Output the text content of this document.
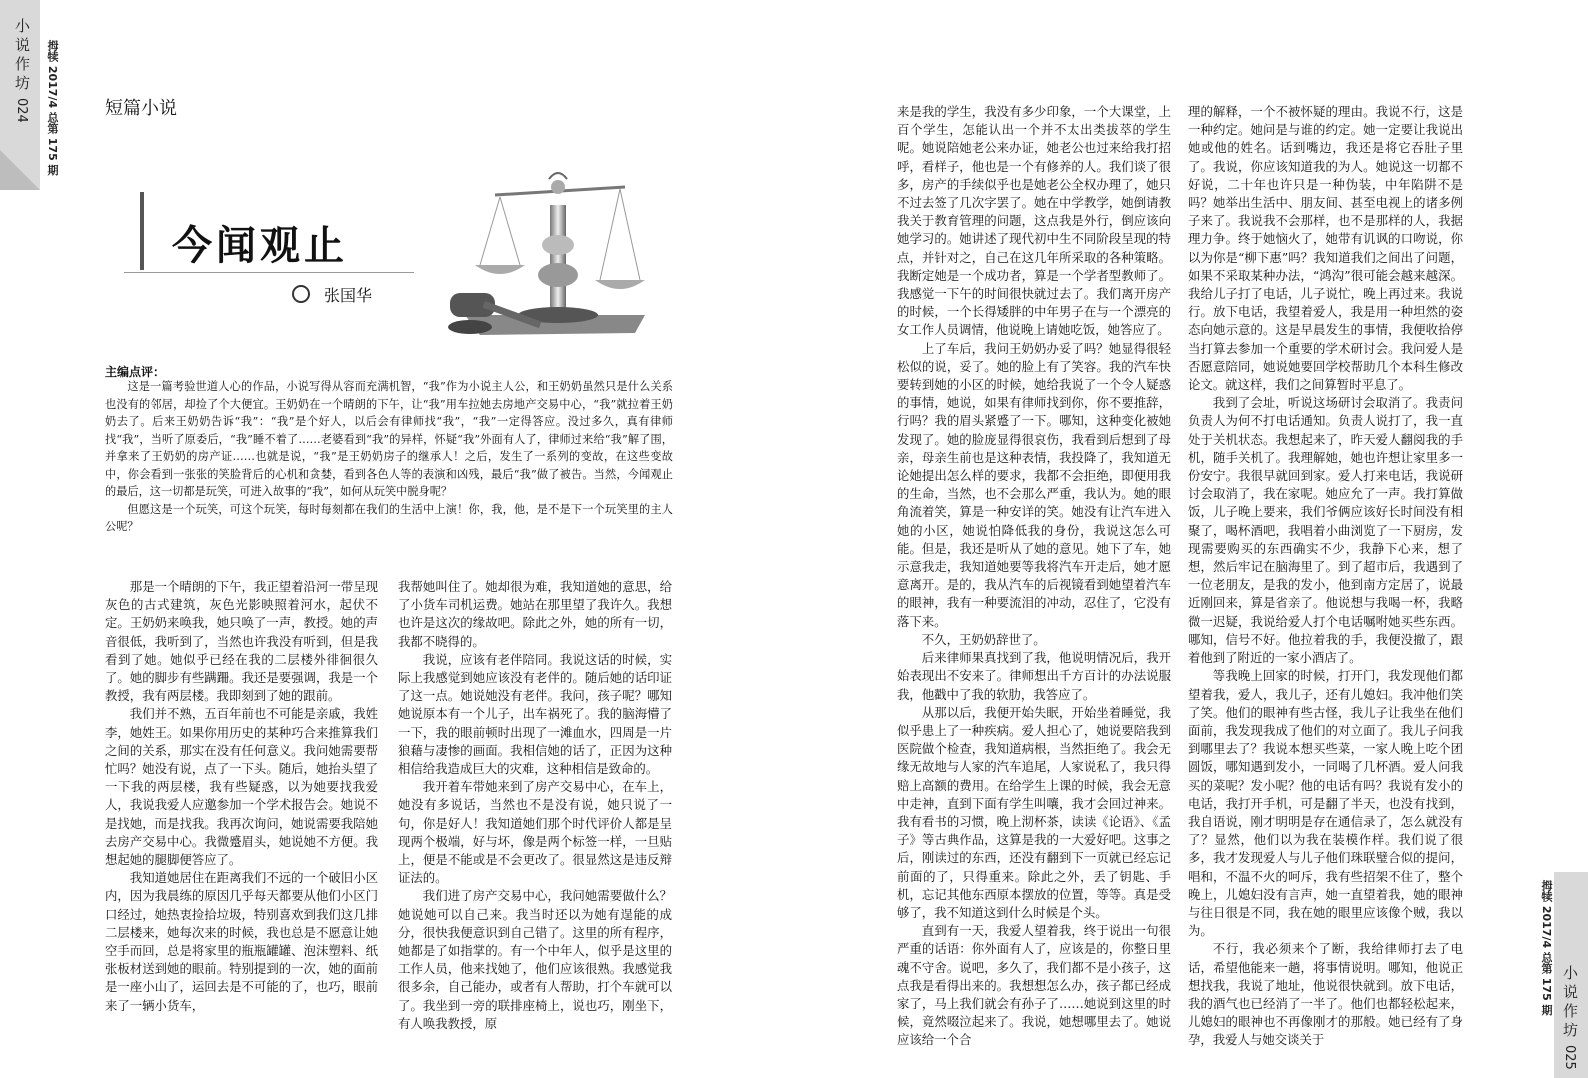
小说作坊
024 拇犊 2017/4 总第 175 期
小说作坊
025
拇犊 2017/4 总第 175 期
短篇小说
今闻观止
张国华
主编点评：

这是一篇考验世道人心的作品，小说写得从容而充满机智，“我”作为小说主人公，和王奶奶虽然只是什么关系也没有的邻居，却捡了个大便宜。王奶奶在一个晴朗的下午，让“我”用车拉她去房地产交易中心，“我”就拉着王奶奶去了。后来王奶奶告诉“我”：“我”是个好人，以后会有律师找“我”，“我”一定得答应。没过多久，真有律师找“我”，当听了原委后，“我”睡不着了……老婆看到“我”的异样，怀疑“我”外面有人了，律师过来给“我”解了围，并拿来了王奶奶的房产证……也就是说，“我”是王奶奶房子的继承人！之后，发生了一系列的变故，在这些变故中，你会看到一张张的笑脸背后的心机和贪婪，看到各色人等的表演和凶残，最后“我”做了被告。当然，今闻观止的最后，这一切都是玩笑，可进入故事的“我”，如何从玩笑中脱身呢？

但愿这是一个玩笑，可这个玩笑，每时每刻都在我们的生活中上演！你，我，他，是不是下一个玩笑里的主人公呢？

那是一个晴朗的下午，我正望着沿河一带呈现灰色的古式建筑，灰色光影映照着河水，起伏不定。王奶奶来唤我，她只唤了一声，教授。她的声音很低，我听到了，当然也许我没有听到，但是我看到了她。她似乎已经在我的二层楼外徘徊很久了。她的脚步有些蹒跚。我还是要强调，我是一个教授，我有两层楼。我即刻到了她的跟前。

我们并不熟，五百年前也不可能是亲戚，我姓李，她姓王。如果你用历史的某种巧合来推算我们之间的关系，那实在没有任何意义。我问她需要帮忙吗？她没有说，点了一下头。随后，她抬头望了一下我的两层楼，我有些疑惑，以为她要找我爱人，我说我爱人应邀参加一个学术报告会。她说不是找她，而是找我。我再次询问，她说需要我陪她去房产交易中心。我微蹙眉头，她说她不方便。我想起她的腿脚便答应了。

我知道她居住在距离我们不远的一个破旧小区内，因为我晨练的原因几乎每天都要从他们小区门口经过，她热衷捡拾垃圾，特别喜欢到我们这几排二层楼来，她每次来的时候，我也总是不愿意让她空手而回，总是将家里的瓶瓶罐罐、泡沫塑料、纸张板材送到她的眼前。特别提到的一次，她的面前是一座小山了，运回去是不可能的了，也巧，眼前来了一辆小货车，

我帮她叫住了。她却很为难，我知道她的意思，给了小货车司机运费。她站在那里望了我许久。我想也许是这次的缘故吧。除此之外，她的所有一切，我都不晓得的。

我说，应该有老伴陪同。我说这话的时候，实际上我感觉到她应该没有老伴的。随后她的话印证了这一点。她说她没有老伴。我问，孩子呢？哪知她说原本有一个儿子，出车祸死了。我的脑海懵了一下，我的眼前顿时出现了一滩血水，四周是一片狼藉与凄惨的画面。我相信她的话了，正因为这种相信给我造成巨大的灾难，这种相信是致命的。

我开着车带她来到了房产交易中心，在车上，她没有多说话，当然也不是没有说，她只说了一句，你是好人！我知道她们那个时代评价人都是呈现两个极端，好与坏，像是两个标签一样，一旦贴上，便是不能或是不会更改了。很显然这是违反辩证法的。

我们进了房产交易中心，我问她需要做什么？她说她可以自己来。我当时还以为她有逞能的成分，很快我便意识到自己错了。这里的所有程序，她都是了如指掌的。有一个中年人，似乎是这里的工作人员，他来找她了，他们应该很熟。我感觉我很多余，自己能办，或者有人帮助，打个车就可以了。我坐到一旁的联排座椅上，说也巧，刚坐下，有人唤我教授，原

来是我的学生，我没有多少印象，一个大课堂，上百个学生，怎能认出一个并不太出类拔萃的学生呢。她说陪她老公来办证，她老公也过来给我打招呼，看样子，他也是一个有修养的人。我们谈了很多，房产的手续似乎也是她老公全权办理了，她只不过去签了几次字罢了。她在中学教学，她倒请教我关于教育管理的问题，这点我是外行，倒应该向她学习的。她讲述了现代初中生不同阶段呈现的特点，并针对之，自己在这几年所采取的各种策略。我断定她是一个成功者，算是一个学者型教师了。我感觉一下午的时间很快就过去了。我们离开房产的时候，一个长得矮胖的中年男子在与一个漂亮的女工作人员调情，他说晚上请她吃饭，她答应了。

上了车后，我问王奶奶办妥了吗？她显得很轻松似的说，妥了。她的脸上有了笑容。我的汽车快要转到她的小区的时候，她给我说了一个令人疑惑的事情，她说，如果有律师找到你，你不要推辞，行吗？我的眉头紧蹙了一下。哪知，这种变化被她发现了。她的脸庞显得很哀伤，我看到后想到了母亲，母亲生前也是这种表情，我投降了，我知道无论她提出怎么样的要求，我都不会拒绝，即便用我的生命，当然，也不会那么严重，我认为。她的眼角流着笑，算是一种安详的笑。她没有让汽车进入她的小区，她说怕降低我的身份，我说这怎么可能。但是，我还是听从了她的意见。她下了车，她示意我走，我知道她要等我将汽车开走后，她才愿意离开。是的，我从汽车的后视镜看到她望着汽车的眼神，我有一种要流泪的冲动，忍住了，它没有落下来。

不久，王奶奶辞世了。

后来律师果真找到了我，他说明情况后，我开始表现出不安来了。律师想出千方百计的办法说服我，他戳中了我的软肋，我答应了。

从那以后，我便开始失眠，开始坐着睡觉，我似乎患上了一种疾病。爱人担心了，她说要陪我到医院做个检查，我知道病根，当然拒绝了。我会无缘无故地与人家的汽车追尾，人家说私了，我只得赔上高额的费用。在给学生上课的时候，我会无意中走神，直到下面有学生叫嚷，我才会回过神来。我有看书的习惯，晚上沏杯茶，读读《论语》、《孟子》等古典作品，这算是我的一大爱好吧。这事之后，刚读过的东西，还没有翻到下一页就已经忘记前面的了，只得重来。除此之外，丢了钥匙、手机，忘记其他东西原本摆放的位置，等等。真是受够了，我不知道这到什么时候是个头。

直到有一天，我爱人望着我，终于说出一句很严重的话语：你外面有人了，应该是的，你整日里魂不守舍。说吧，多久了，我们都不是小孩子，这点我是看得出来的。我想想怎么办，孩子都已经成家了，马上我们就会有孙子了……她说到这里的时候，竟然啜泣起来了。我说，她想哪里去了。她说应该给一个合

理的解释，一个不被怀疑的理由。我说不行，这是一种约定。她问是与谁的约定。她一定要让我说出她或他的姓名。话到嘴边，我还是将它吞肚子里了。我说，你应该知道我的为人。她说这一切都不好说，二十年也许只是一种伪装，中年陷阱不是吗？她举出生活中、朋友间、甚至电视上的诸多例子来了。我说我不会那样，也不是那样的人，我据理力争。终于她恼火了，她带有讥讽的口吻说，你以为你是“柳下惠”吗？我知道我们之间出了问题，如果不采取某种办法，“鸿沟”很可能会越来越深。我给儿子打了电话，儿子说忙，晚上再过来。我说行。放下电话，我望着爱人，我是用一种坦然的姿态向她示意的。这是早晨发生的事情，我便收拾停当打算去参加一个重要的学术研讨会。我问爱人是否愿意陪同，她说她要回学校帮助几个本科生修改论文。就这样，我们之间算暂时平息了。

我到了会址，听说这场研讨会取消了。我责问负责人为何不打电话通知。负责人说打了，我一直处于关机状态。我想起来了，昨天爱人翻阅我的手机，随手关机了。我理解她，她也许想让家里多一份安宁。我很早就回到家。爱人打来电话，我说研讨会取消了，我在家呢。她应允了一声。我打算做饭，儿子晚上要来，我们爷俩应该好长时间没有相聚了，喝杯酒吧，我唱着小曲浏览了一下厨房，发现需要购买的东西确实不少，我静下心来，想了想，然后牢记在脑海里了。到了超市后，我遇到了一位老朋友，是我的发小，他到南方定居了，说最近刚回来，算是省亲了。他说想与我喝一杯，我略微一迟疑，我说给爱人打个电话嘱咐她买些东西。哪知，信号不好。他拉着我的手，我便没撤了，跟着他到了附近的一家小酒店了。

等我晚上回家的时候，打开门，我发现他们都望着我，爱人，我儿子，还有儿媳妇。我冲他们笑了笑。他们的眼神有些古怪，我儿子让我坐在他们面前，我发现我成了他们的对立面了。我儿子问我到哪里去了？我说本想买些菜，一家人晚上吃个团圆饭，哪知遇到发小，一同喝了几杯酒。爱人问我买的菜呢？发小呢？他的电话有吗？我说有发小的电话，我打开手机，可是翻了半天，也没有找到，我自语说，刚才明明是存在通信录了，怎么就没有了？显然，他们以为我在装模作样。我们说了很多，我才发现爱人与儿子他们珠联璧合似的提问，唱和，不温不火的呵斥，我有些招架不住了，整个晚上，儿媳妇没有言声，她一直望着我，她的眼神与往日很是不同，我在她的眼里应该像个贼，我以为。

不行，我必须来个了断，我给律师打去了电话，希望他能来一趟，将事情说明。哪知，他说正想找我，我说了地址，他说很快就到。放下电话，我的酒气也已经消了一半了。他们也都轻松起来，儿媳妇的眼神也不再像刚才的那般。她已经有了身孕，我爱人与她交谈关于
